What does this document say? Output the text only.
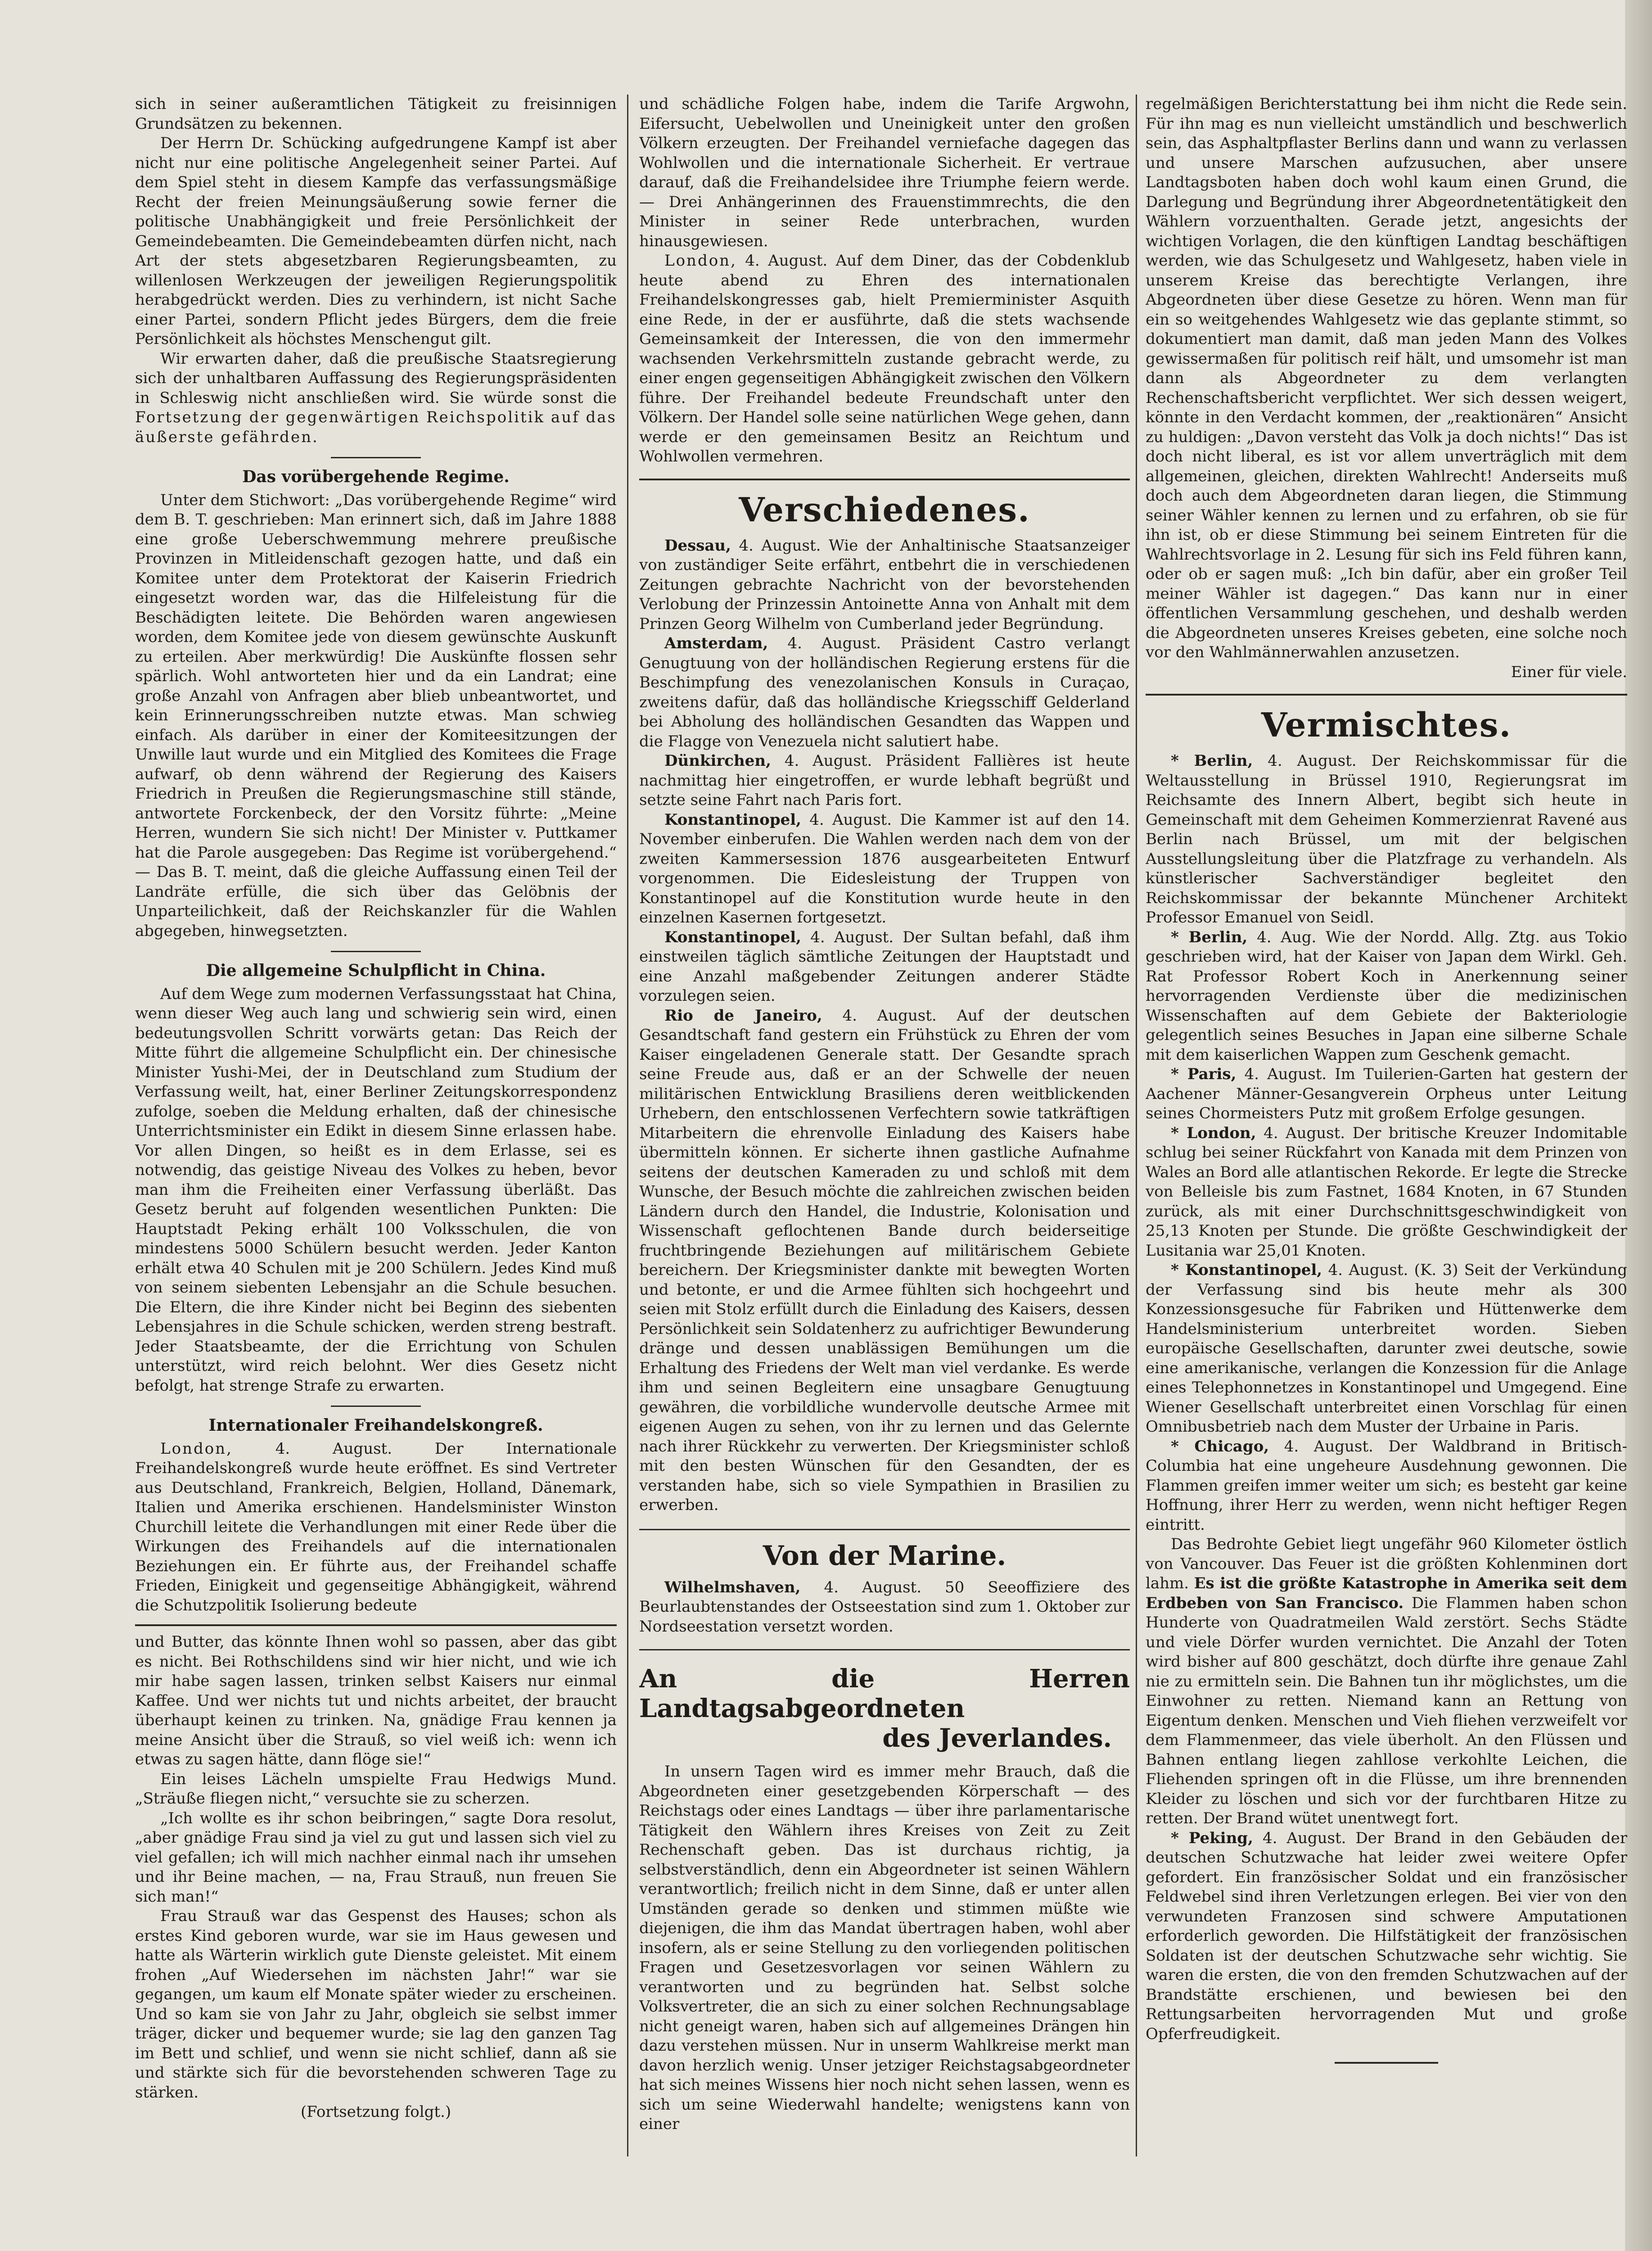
sich in seiner außeramtlichen Tätigkeit zu freisinnigen Grundsätzen zu bekennen.

Der Herrn Dr. Schücking aufgedrungene Kampf ist aber nicht nur eine politische Angelegenheit seiner Partei. Auf dem Spiel steht in diesem Kampfe das verfassungsmäßige Recht der freien Meinungsäußerung sowie ferner die politische Unabhängigkeit und freie Persönlichkeit der Gemeindebeamten. Die Gemeindebeamten dürfen nicht, nach Art der stets abgesetzbaren Regierungsbeamten, zu willenlosen Werkzeugen der jeweiligen Regierungspolitik herabgedrückt werden. Dies zu verhindern, ist nicht Sache einer Partei, sondern Pflicht jedes Bürgers, dem die freie Persönlichkeit als höchstes Menschengut gilt.

Wir erwarten daher, daß die preußische Staatsregierung sich der unhaltbaren Auffassung des Regierungspräsidenten in Schleswig nicht anschließen wird. Sie würde sonst die Fortsetzung der gegenwärtigen Reichspolitik auf das äußerste gefährden.

Das vorübergehende Regime.

Unter dem Stichwort: „Das vorübergehende Regime“ wird dem B. T. geschrieben: Man erinnert sich, daß im Jahre 1888 eine große Ueberschwemmung mehrere preußische Provinzen in Mitleidenschaft gezogen hatte, und daß ein Komitee unter dem Protektorat der Kaiserin Friedrich eingesetzt worden war, das die Hilfeleistung für die Beschädigten leitete. Die Behörden waren angewiesen worden, dem Komitee jede von diesem gewünschte Auskunft zu erteilen. Aber merkwürdig! Die Auskünfte flossen sehr spärlich. Wohl antworteten hier und da ein Landrat; eine große Anzahl von Anfragen aber blieb unbeantwortet, und kein Erinnerungsschreiben nutzte etwas. Man schwieg einfach. Als darüber in einer der Komiteesitzungen der Unwille laut wurde und ein Mitglied des Komitees die Frage aufwarf, ob denn während der Regierung des Kaisers Friedrich in Preußen die Regierungsmaschine still stände, antwortete Forckenbeck, der den Vorsitz führte: „Meine Herren, wundern Sie sich nicht! Der Minister v. Puttkamer hat die Parole ausgegeben: Das Regime ist vorübergehend.“ — Das B. T. meint, daß die gleiche Auffassung einen Teil der Landräte erfülle, die sich über das Gelöbnis der Unparteilichkeit, daß der Reichskanzler für die Wahlen abgegeben, hinwegsetzten.

Die allgemeine Schulpflicht in China.

Auf dem Wege zum modernen Verfassungsstaat hat China, wenn dieser Weg auch lang und schwierig sein wird, einen bedeutungsvollen Schritt vorwärts getan: Das Reich der Mitte führt die allgemeine Schulpflicht ein. Der chinesische Minister Yushi-Mei, der in Deutschland zum Studium der Verfassung weilt, hat, einer Berliner Zeitungskorrespondenz zufolge, soeben die Meldung erhalten, daß der chinesische Unterrichtsminister ein Edikt in diesem Sinne erlassen habe. Vor allen Dingen, so heißt es in dem Erlasse, sei es notwendig, das geistige Niveau des Volkes zu heben, bevor man ihm die Freiheiten einer Verfassung überläßt. Das Gesetz beruht auf folgenden wesentlichen Punkten: Die Hauptstadt Peking erhält 100 Volksschulen, die von mindestens 5000 Schülern besucht werden. Jeder Kanton erhält etwa 40 Schulen mit je 200 Schülern. Jedes Kind muß von seinem siebenten Lebensjahr an die Schule besuchen. Die Eltern, die ihre Kinder nicht bei Beginn des siebenten Lebensjahres in die Schule schicken, werden streng bestraft. Jeder Staatsbeamte, der die Errichtung von Schulen unterstützt, wird reich belohnt. Wer dies Gesetz nicht befolgt, hat strenge Strafe zu erwarten.

Internationaler Freihandelskongreß.

London,	4. August. Der Internationale Freihandelskongreß wurde heute eröffnet. Es sind Vertreter aus Deutschland, Frankreich, Belgien, Holland, Dänemark, Italien und Amerika erschienen. Handelsminister Winston Churchill leitete die Verhandlungen mit einer Rede über die Wirkungen des Freihandels auf die internationalen Beziehungen ein. Er führte aus, der Freihandel schaffe Frieden, Einigkeit und gegenseitige Abhängigkeit, während die Schutzpolitik Isolierung bedeute

und Butter, das könnte Ihnen wohl so passen, aber das gibt es nicht. Bei Rothschildens sind wir hier nicht, und wie ich mir habe sagen lassen, trinken selbst Kaisers nur einmal Kaffee. Und wer nichts tut und nichts arbeitet, der braucht überhaupt keinen zu trinken. Na, gnädige Frau kennen ja meine Ansicht über die Strauß, so viel weiß ich: wenn ich etwas zu sagen hätte, dann flöge sie!“

Ein leises Lächeln umspielte Frau Hedwigs Mund. „Sträuße fliegen nicht,“ versuchte sie zu scherzen.

„Ich wollte es ihr schon beibringen,“ sagte Dora resolut, „aber gnädige Frau sind ja viel zu gut und lassen sich viel zu viel gefallen; ich will mich nachher einmal nach ihr umsehen und ihr Beine machen, — na, Frau Strauß, nun freuen Sie sich man!“

Frau Strauß war das Gespenst des Hauses; schon als erstes Kind geboren wurde, war sie im Haus gewesen und hatte als Wärterin wirklich gute Dienste geleistet. Mit einem frohen „Auf Wiedersehen im nächsten Jahr!“ war sie gegangen, um kaum elf Monate später wieder zu erscheinen. Und so kam sie von Jahr zu Jahr, obgleich sie selbst immer träger, dicker und bequemer wurde; sie lag den ganzen Tag im Bett und schlief, und wenn sie nicht schlief, dann aß sie und stärkte sich für die bevorstehenden schweren Tage zu stärken.

(Fortsetzung folgt.)

und schädliche Folgen habe, indem die Tarife Argwohn, Eifersucht, Uebelwollen und Uneinigkeit unter den großen Völkern erzeugten. Der Freihandel verniefache dagegen das Wohlwollen und die internationale Sicherheit. Er vertraue darauf, daß die Freihandelsidee ihre Triumphe feiern werde. — Drei Anhängerinnen des Frauenstimmrechts, die den Minister in seiner Rede unterbrachen, wurden hinausgewiesen.

London, 4. August. Auf dem Diner, das der Cobdenklub heute abend zu Ehren des internationalen Freihandelskongresses gab, hielt Premierminister Asquith eine Rede, in der er ausführte, daß die stets wachsende Gemeinsamkeit der Interessen, die von den immermehr wachsenden Verkehrsmitteln zustande gebracht werde, zu einer engen gegenseitigen Abhängigkeit zwischen den Völkern führe. Der Freihandel bedeute Freundschaft unter den Völkern. Der Handel solle seine natürlichen Wege gehen, dann werde er den gemeinsamen Besitz an Reichtum und Wohlwollen vermehren.

Verschiedenes.

Dessau, 4. August. Wie der Anhaltinische Staatsanzeiger von zuständiger Seite erfährt, entbehrt die in verschiedenen Zeitungen gebrachte Nachricht von der bevorstehenden Verlobung der Prinzessin Antoinette Anna von Anhalt mit dem Prinzen Georg Wilhelm von Cumberland jeder Begründung.

Amsterdam, 4. August. Präsident Castro verlangt Genugtuung von der holländischen Regierung erstens für die Beschimpfung des venezolanischen Konsuls in Curaçao, zweitens dafür, daß das holländische Kriegsschiff Gelderland bei Abholung des holländischen Gesandten das Wappen und die Flagge von Venezuela nicht salutiert habe.

Dünkirchen, 4. August. Präsident Fallières ist heute nachmittag hier eingetroffen, er wurde lebhaft begrüßt und setzte seine Fahrt nach Paris fort.

Konstantinopel, 4. August. Die Kammer ist auf den 14. November einberufen. Die Wahlen werden nach dem von der zweiten Kammersession 1876 ausgearbeiteten Entwurf vorgenommen. Die Eidesleistung der Truppen von Konstantinopel auf die Konstitution wurde heute in den einzelnen Kasernen fortgesetzt.

Konstantinopel, 4. August. Der Sultan befahl, daß ihm einstweilen täglich sämtliche Zeitungen der Hauptstadt und eine Anzahl maßgebender Zeitungen anderer Städte vorzulegen seien.

Rio de Janeiro, 4. August. Auf der deutschen Gesandtschaft fand gestern ein Frühstück zu Ehren der vom Kaiser eingeladenen Generale statt. Der Gesandte sprach seine Freude aus, daß er an der Schwelle der neuen militärischen Entwicklung Brasiliens deren weitblickenden Urhebern, den entschlossenen Verfechtern sowie tatkräftigen Mitarbeitern die ehrenvolle Einladung des Kaisers habe übermitteln können. Er sicherte ihnen gastliche Aufnahme seitens der deutschen Kameraden zu und schloß mit dem Wunsche, der Besuch möchte die zahlreichen zwischen beiden Ländern durch den Handel, die Industrie, Kolonisation und Wissenschaft geflochtenen Bande durch beiderseitige fruchtbringende Beziehungen auf militärischem Gebiete bereichern. Der Kriegsminister dankte mit bewegten Worten und betonte, er und die Armee fühlten sich hochgeehrt und seien mit Stolz erfüllt durch die Einladung des Kaisers, dessen Persönlichkeit sein Soldatenherz zu aufrichtiger Bewunderung dränge und dessen unablässigen Bemühungen um die Erhaltung des Friedens der Welt man viel verdanke. Es werde ihm und seinen Begleitern eine unsagbare Genugtuung gewähren, die vorbildliche wundervolle deutsche Armee mit eigenen Augen zu sehen, von ihr zu lernen und das Gelernte nach ihrer Rückkehr zu verwerten. Der Kriegsminister schloß mit den besten Wünschen für den Gesandten, der es verstanden habe, sich so viele Sympathien in Brasilien zu erwerben.

Von der Marine.

Wilhelmshaven, 4. August. 50 Seeoffiziere des Beurlaubtenstandes der Ostseestation sind zum 1. Oktober zur Nordseestation versetzt worden.

An die Herren Landtagsabgeordneten
des Jeverlandes.

In unsern Tagen wird es immer mehr Brauch, daß die Abgeordneten einer gesetzgebenden Körperschaft — des Reichstags oder eines Landtags — über ihre parlamentarische Tätigkeit den Wählern ihres Kreises von Zeit zu Zeit Rechenschaft geben. Das ist durchaus richtig, ja selbstverständlich, denn ein Abgeordneter ist seinen Wählern verantwortlich; freilich nicht in dem Sinne, daß er unter allen Umständen gerade so denken und stimmen müßte wie diejenigen, die ihm das Mandat übertragen haben, wohl aber insofern, als er seine Stellung zu den vorliegenden politischen Fragen und Gesetzesvorlagen vor seinen Wählern zu verantworten und zu begründen hat. Selbst solche Volksvertreter, die an sich zu einer solchen Rechnungsablage nicht geneigt waren, haben sich auf allgemeines Drängen hin dazu verstehen müssen. Nur in unserm Wahlkreise merkt man davon herzlich wenig. Unser jetziger Reichstagsabgeordneter hat sich meines Wissens hier noch nicht sehen lassen, wenn es sich um seine Wiederwahl handelte; wenigstens kann von einer

regelmäßigen Berichterstattung bei ihm nicht die Rede sein. Für ihn mag es nun vielleicht umständlich und beschwerlich sein, das Asphaltpflaster Berlins dann und wann zu verlassen und unsere Marschen aufzusuchen, aber unsere Landtagsboten haben doch wohl kaum einen Grund, die Darlegung und Begründung ihrer Abgeordnetentätigkeit den Wählern vorzuenthalten. Gerade jetzt, angesichts der wichtigen Vorlagen, die den künftigen Landtag beschäftigen werden, wie das Schulgesetz und Wahlgesetz, haben viele in unserem Kreise das berechtigte Verlangen, ihre Abgeordneten über diese Gesetze zu hören. Wenn man für ein so weitgehendes Wahlgesetz wie das geplante stimmt, so dokumentiert man damit, daß man jeden Mann des Volkes gewissermaßen für politisch reif hält, und umsomehr ist man dann als Abgeordneter zu dem verlangten Rechenschaftsbericht verpflichtet. Wer sich dessen weigert, könnte in den Verdacht kommen, der „reaktionären“ Ansicht zu huldigen: „Davon versteht das Volk ja doch nichts!“ Das ist doch nicht liberal, es ist vor allem unverträglich mit dem allgemeinen, gleichen, direkten Wahlrecht! Anderseits muß doch auch dem Abgeordneten daran liegen, die Stimmung seiner Wähler kennen zu lernen und zu erfahren, ob sie für ihn ist, ob er diese Stimmung bei seinem Eintreten für die Wahlrechtsvorlage in 2. Lesung für sich ins Feld führen kann, oder ob er sagen muß: „Ich bin dafür, aber ein großer Teil meiner Wähler ist dagegen.“ Das kann nur in einer öffentlichen Versammlung geschehen, und deshalb werden die Abgeordneten unseres Kreises gebeten, eine solche noch vor den Wahlmännerwahlen anzusetzen.

Einer für viele.

Vermischtes.

* Berlin, 4. August. Der Reichskommissar für die Weltausstellung in Brüssel 1910, Regierungsrat im Reichsamte des Innern Albert, begibt sich heute in Gemeinschaft mit dem Geheimen Kommerzienrat Ravené aus Berlin nach Brüssel, um mit der belgischen Ausstellungsleitung über die Platzfrage zu verhandeln. Als künstlerischer Sachverständiger begleitet den Reichskommissar der bekannte Münchener Architekt Professor Emanuel von Seidl.

* Berlin, 4. Aug. Wie der Nordd. Allg. Ztg. aus Tokio geschrieben wird, hat der Kaiser von Japan dem Wirkl. Geh. Rat Professor Robert Koch in Anerkennung seiner hervorragenden Verdienste über die medizinischen Wissenschaften auf dem Gebiete der Bakteriologie gelegentlich seines Besuches in Japan eine silberne Schale mit dem kaiserlichen Wappen zum Geschenk gemacht.

* Paris, 4. August. Im Tuilerien-Garten hat gestern der Aachener Männer-Gesangverein Orpheus unter Leitung seines Chormeisters Putz mit großem Erfolge gesungen.

* London, 4. August. Der britische Kreuzer Indomitable schlug bei seiner Rückfahrt von Kanada mit dem Prinzen von Wales an Bord alle atlantischen Rekorde. Er legte die Strecke von Belleisle bis zum Fastnet, 1684 Knoten, in 67 Stunden zurück, als mit einer Durchschnittsgeschwindigkeit von 25,13 Knoten per Stunde. Die größte Geschwindigkeit der Lusitania war 25,01 Knoten.

* Konstantinopel, 4. August. (K. 3) Seit der Verkündung der Verfassung sind bis heute mehr als 300 Konzessionsgesuche für Fabriken und Hüttenwerke dem Handelsministerium unterbreitet worden. Sieben europäische Gesellschaften, darunter zwei deutsche, sowie eine amerikanische, verlangen die Konzession für die Anlage eines Telephonnetzes in Konstantinopel und Umgegend. Eine Wiener Gesellschaft unterbreitet einen Vorschlag für einen Omnibusbetrieb nach dem Muster der Urbaine in Paris.

* Chicago, 4. August. Der Waldbrand in Britisch-Columbia hat eine ungeheure Ausdehnung gewonnen. Die Flammen greifen immer weiter um sich; es besteht gar keine Hoffnung, ihrer Herr zu werden, wenn nicht heftiger Regen eintritt.

Das Bedrohte Gebiet liegt ungefähr 960 Kilometer östlich von Vancouver. Das Feuer ist die größten Kohlenminen dort lahm. Es ist die größte Katastrophe in Amerika seit dem Erdbeben von San Francisco. Die Flammen haben schon Hunderte von Quadratmeilen Wald zerstört. Sechs Städte und viele Dörfer wurden vernichtet. Die Anzahl der Toten wird bisher auf 800 geschätzt, doch dürfte ihre genaue Zahl nie zu ermitteln sein. Die Bahnen tun ihr möglichstes, um die Einwohner zu retten. Niemand kann an Rettung von Eigentum denken. Menschen und Vieh fliehen verzweifelt vor dem Flammenmeer, das viele überholt. An den Flüssen und Bahnen entlang liegen zahllose verkohlte Leichen, die Fliehenden springen oft in die Flüsse, um ihre brennenden Kleider zu löschen und sich vor der furchtbaren Hitze zu retten. Der Brand wütet unentwegt fort.

* Peking, 4. August. Der Brand in den Gebäuden der deutschen Schutzwache hat leider zwei weitere Opfer gefordert. Ein französischer Soldat und ein französischer Feldwebel sind ihren Verletzungen erlegen. Bei vier von den verwundeten Franzosen sind schwere Amputationen erforderlich geworden. Die Hilfstätigkeit der französischen Soldaten ist der deutschen Schutzwache sehr wichtig. Sie waren die ersten, die von den fremden Schutzwachen auf der Brandstätte erschienen, und bewiesen bei den Rettungsarbeiten hervorragenden Mut und große Opferfreudigkeit.
